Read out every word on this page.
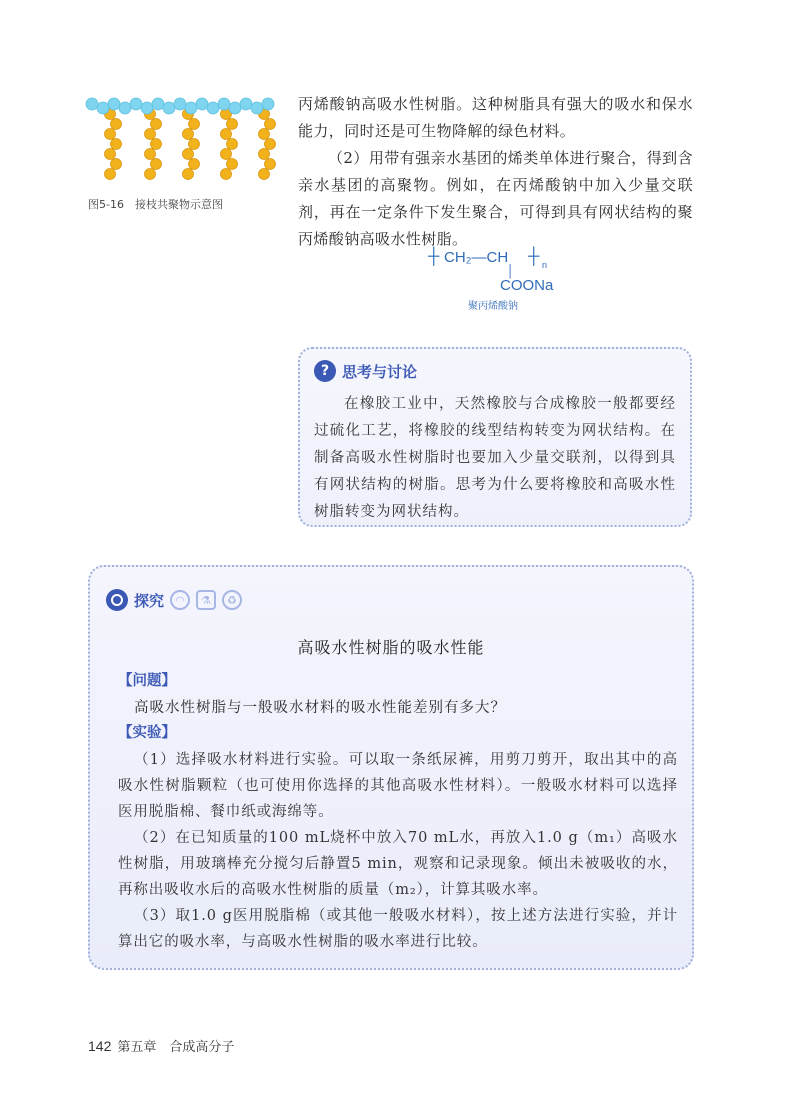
图5-16　接枝共聚物示意图
丙烯酸钠高吸水性树脂。这种树脂具有强大的吸水和保水能力，同时还是可生物降解的绿色材料。
（2）用带有强亲水基团的烯类单体进行聚合，得到含亲水基团的高聚物。例如，在丙烯酸钠中加入少量交联剂，再在一定条件下发生聚合，可得到具有网状结构的聚丙烯酸钠高吸水性树脂。
┼ CH₂—CH ┼ n
│
COONa
聚丙烯酸钠
? 思考与讨论
在橡胶工业中，天然橡胶与合成橡胶一般都要经过硫化工艺，将橡胶的线型结构转变为网状结构。在制备高吸水性树脂时也要加入少量交联剂，以得到具有网状结构的树脂。思考为什么要将橡胶和高吸水性树脂转变为网状结构。
探究	◠	⚗	♻
高吸水性树脂的吸水性能
【问题】
高吸水性树脂与一般吸水材料的吸水性能差别有多大？
【实验】
（1）选择吸水材料进行实验。可以取一条纸尿裤，用剪刀剪开，取出其中的高吸水性树脂颗粒（也可使用你选择的其他高吸水性材料）。一般吸水材料可以选择医用脱脂棉、餐巾纸或海绵等。
（2）在已知质量的100 mL烧杯中放入70 mL水，再放入1.0 g（m₁）高吸水性树脂，用玻璃棒充分搅匀后静置5 min，观察和记录现象。倾出未被吸收的水，再称出吸收水后的高吸水性树脂的质量（m₂），计算其吸水率。
（3）取1.0 g医用脱脂棉（或其他一般吸水材料），按上述方法进行实验，并计算出它的吸水率，与高吸水性树脂的吸水率进行比较。
142 第五章　合成高分子
